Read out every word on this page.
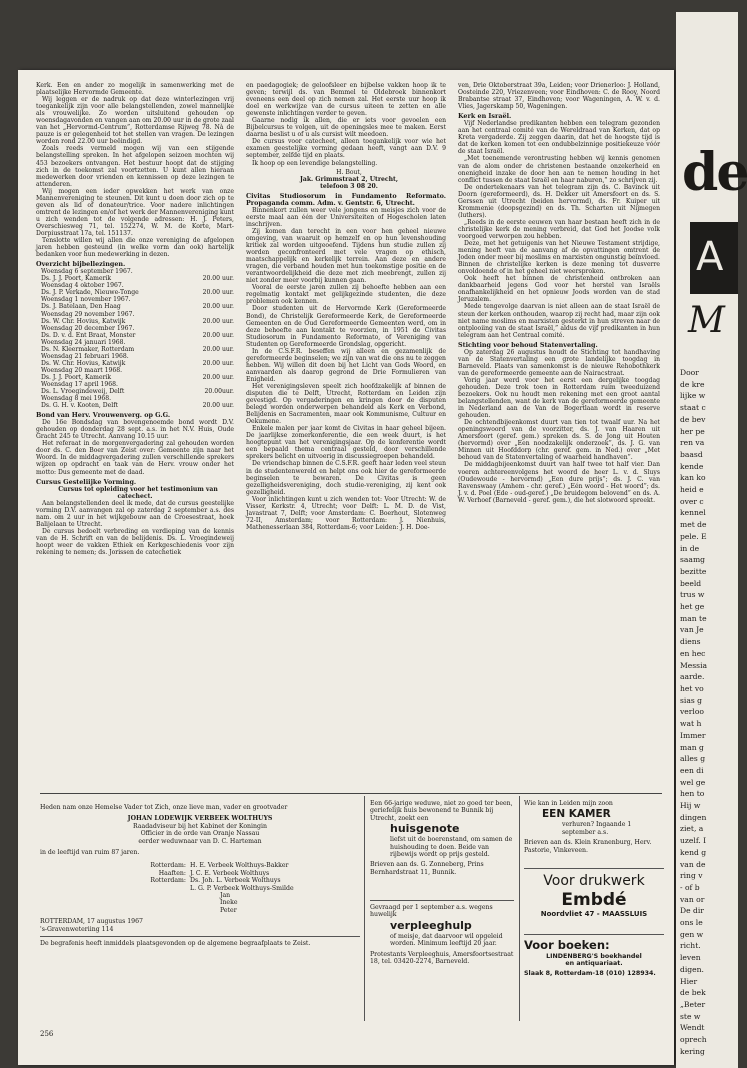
Kerk. Een en ander zo mogelijk in samenwerking met de plaatselijke Hervormde Gemeente.

Wij leggen er de nadruk op dat deze winterlezingen vrij toegankelijk zijn voor alle belangstellenden, zowel mannelijke als vrouwelijke. Zo worden uitsluitend gehouden op woensdagavonden en vangen aan om 20.00 uur in de grote zaal van het „Hervormd-Centrum”, Rotterdamse Rijweg 78. Nà de pauze is er gelegenheid tot het stellen van vragen. De lezingen worden rond 22.00 uur beëindigd.

Zoals reeds vermeld mogen wij van een stijgende belangstelling spreken. In het afgelopen seizoen mochten wij 453 bezoekers ontvangen. Het bestuur hoopt dat de stijging zich in de toekomst zal voortzetten. U kunt allen hieraan medewerken door vrienden en kennissen op deze lezingen te attenderen.

Wij mogen een ieder opwekken het werk van onze Mannenvereniging te steunen. Dit kunt u doen door zich op te geven als lid of donateur/trice. Voor nadere inlichtingen omtrent de lezingen en/of het werk der Mannenvereniging kunt u zich wenden tot de volgende adressen: H. J. Peters, Overschiesweg 71, tel. 152274, W. M. de Korte, Mart-Dorpiusstraat 17a, tel. 151137.

Tenslotte willen wij allen die onze vereniging de afgelopen jaren hebben gesteund (in welke vorm dan ook) hartelijk bedanken voor hun medewerking in dezen.

Overzicht bijbellezingen.
Woensdag 6 september 1967.
Ds. J. J. Poort, Kamerik	20.00 uur.
Woensdag 4 oktober 1967.
Ds. J. P. Verkade, Nieuwe-Tonge	20.00 uur.
Woensdag 1 november 1967.
Ds. J. Batelaan, Den Haag	20.00 uur.
Woensdag 29 november 1967.
Ds. W. Chr. Hovius, Katwijk	20.00 uur.
Woensdag 20 december 1967.
Ds. D. v. d. Ent Braat, Monster	20.00 uur.
Woensdag 24 januari 1968.
Ds. N. Kleermaker, Rotterdam	20.00 uur.
Woensdag 21 februari 1968.
Ds. W. Chr. Hovius, Katwijk	20.00 uur.
Woensdag 20 maart 1968.
Ds. J. J. Poort, Kamerik	20.00 uur.
Woensdag 17 april 1968.
Ds. L. Vroegindeweij, Delft	20.00uur.
Woensdag 8 mei 1968.
Ds. G. H. v. Kooten, Delft	20.00 uur.
Bond van Herv. Vrouwenverg. op G.G.

De 16e Bondsdag van bovengenoemde bond wordt D.V. gehouden op donderdag 28 sept. a.s. in het N.V. Huis, Oude Gracht 245 te Utrecht. Aanvang 10.15 uur.

Het referaat in de morgenvergadering zal gehouden worden door ds. C. den Boer van Zeist over: Gemeente zijn naar het Woord. In de middagvergadering zullen verschillende sprekers wijzen op opdracht en taak van de Herv. vrouw onder het motto: Dus gemeente met de daad.

Cursus Gesteliijke Vorming.

Cursus tot opleiding voor het testimonium van catechect.

Aan belangstellenden deel ik mede, dat de cursus geestelijke vorming D.V. aanvangen zal op zaterdag 2 september a.s. des nam. om 2 uur in het wijkgebouw aan de Croesestraat, hoek Balijelaan te Utrecht.

De cursus bedoelt verbreding en verdieping van de kennis van de H. Schrift en van de belijdenis. Ds. L. Vroegindeweij hoopt weer de vakken Ethiek en Kerkgeschiedenis voor zijn rekening te nemen; ds. Jorissen de catechetiek

en paedagogiek; de geloofsleer en bijbelse vakken hoop ik te geven; terwijl ds. van Bemmel te Oldebroek binnenkort eveneens een deel op zich nemen zal. Het eerste uur hoop ik doel en werkwijze van de cursus uiteen te zetten en alle gewenste inlichtingen verder te geven.

Gaarne nodig ik allen, die er iets voor gevoelen een Bijbelcursus te volgen, uit de openingsles mee te maken. Eerst daarna beslist u of u als cursist wilt meedoen.

De cursus voor catecheet, alleen toegankelijk voor wie het examen geestelijke vorming gedaan heeft, vangt aan D.V. 9 september, zelfde tijd en plaats.

Ik hoop op een levendige belangstelling.

H. Bout,

Jak. Grimmstraat 2, Utrecht,

telefoon 3 08 20.

Civitas Studiosorum in Fundamento Reformato. Propaganda comm. Adm. v. Gentstr. 6, Utrecht.

Binnenkort zullen weer vele jongens en meisjes zich voor de eerste maal aan één der Universiteiten of Hogescholen laten inschrijven.

Zij komen dan terecht in een voor hen geheel nieuwe omgeving, van waaruit op hemzelf en op hun levenshouding kritiek zal worden uitgeoefend. Tijdens hun studie zullen zij worden geconfronteerd met vele vragen op ethisch, maatschappelijk en kerkelijk terrein. Aan deze en andere vragen, die verband houden met hun toekomstige positie en de verantwoordelijkheid die deze met zich meebrengt, zullen zij niet zonder meer voorbij kunnen gaan.

Vooral de eerste jaren zullen zij behoefte hebben aan een regelmatig kontakt met gelijkgezinde studenten, die deze problemen ook kennen.

Door studenten uit de Hervormde Kerk (Gereformeerde Bond), de Christelijk Gereformeerde Kerk, de Gereformeerde Gemeenten en de Oud Gereformeerde Gemeenten werd, om in deze behoefte aan kontakt te voorzien, in 1951 de Civitas Studiosorum in Fundamento Reformato, of Vereniging van Studenten op Gereformeerde Grondslag, opgericht.

In de C.S.F.R. beseffen wij alleen en gezamenlijk de gereformeerde beginselen; we zijn van wat die ons nu te zeggen hebben. Wij willen dit doen bij het Licht van Gods Woord, en aanvaarden als daarop gegrond de Drie Formulieren van Enigheid.

Het verenigingsleven speelt zich hoofdzakelijk af binnen de disputen die te Delft, Utrecht, Rotterdam en Leiden zijn gevestigd. Op vergaderingen en kringen door de disputen belegd worden onderwerpen behandeld als Kerk en Verbond, Belijdenis en Sacramenten, maar ook Kommunisme, Cultuur en Oekumene.

Enkele malen per jaar komt de Civitas in haar geheel bijeen. De jaarlijkse zomerkonferentie, die een week duurt, is het hoogtepunt van het verenigingsjaar. Op de konferentie wordt een bepaald thema centraal gesteld, door verschillende sprekers belicht en uitvoerig in discussiegroepen behandeld.

De vriendschap binnen de C.S.F.R. geeft haar leden veel steun in de studentenwereld en helpt ons ook hier de gereformeerde beginselen te bewaren. De Civitas is geen gezelligheidsvereniging, doch studie-vereniging, zij kent ook gezelligheid.

Voor inlichtingen kunt u zich wenden tot: Voor Utrecht: W. de Visser, Kerkstr. 4, Utrecht; voor Delft: L. M. D. de Vist, Javastraat 7, Delft; voor Amsterdam: C. Boerhout, Slotenweg 72-II, Amsterdam; voor Rotterdam: J. Nienhuis, Mathenesserlaan 384, Rotterdam-6; voor Leiden: J. H. Doe-

ven, Drie Oktoberstraat 39a, Leiden; voor Drienerloo: J. Holland, Oosteinde 220, Vriezenveen; voor Eindhoven: C. de Rooy, Noord Brabantse straat 37, Eindhoven; voor Wageningen, A. W. v. d. Vlies, Jagerskamp 50, Wageningen.

Kerk en Israël.

Vijf Nederlandse predikanten hebben een telegram gezonden aan het centraal comité van de Wereldraad van Kerken, dat op Kreta vergaderde. Zij zeggen daarin, dat het de hoogste tijd is dat de kerken komen tot een ondubbelzinnige positiekeuze vóór de staat Israël.

„Met toenemende verontrusting hebben wij kennis genomen van de alom onder de christenen bestaande onzekerheid en onenigheid inzake de door hen aan te nemen houding in het conflict tussen de staat Israël en haar naburen,” zo schrijven zij.

De ondertekenaars van het telegram zijn ds. C. Bavinck uit Doorn (gereformeerd), ds. H. Dekker uit Amersfoort en ds. S. Gerssen uit Utrecht (beiden hervormd), ds. Fr. Kuiper uit Krommenie (doopsgezind) en ds. Th. Scharten uit Nijmegen (luthers).

„Reeds in de eerste eeuwen van haar bestaan heeft zich in de christelijke kerk de mening verbreid, dat God het Joodse volk voorgoed verworpen zou hebben.

Deze, met het getuigenis van het Nieuwe Testament strijdige, mening heeft van de aanvang af de opvattingen omtrent de Joden onder meer bij moslims en marxisten ongunstig beïnvloed. Binnen de christelijke kerken is deze mening tot dusverre onvoldoende of in het geheel niet weersproken.

Ook heeft het binnen de christenheid ontbroken aan dankbaarheid jegens God voor het herstel van Israëls onafhankelijkheid en het opnieuw Joods worden van de stad Jeruzalem.

Mede tengevolge daarvan is niet alleen aan de staat Israël de steun der kerken onthouden, waarop zij recht had, maar zijn ook niet name moslims en marxisten gesterkt in hun streven naar de ontplooiing van de staat Israël,” aldus de vijf predikanten in hun telegram aan het Centraal comité.

Stichting voor behoud Statenvertaling.

Op zaterdag 26 augustus houdt de Stichting tot handhaving van de Statenvertaling een grote landelijke toogdag in Barneveld. Plaats van samenkomst is de nieuwe Rehobothkerk van de gereformeerde gemeente aan de Nairacstraat.

Vorig jaar werd voor het eerst een dergelijke toogdag gehouden. Deze trok toen in Rotterdam ruim tweeduizend bezoekers. Ook nu houdt men rekening met een groot aantal belangstellenden, want de kerk van de gereformeerde gemeente in Nederland aan de Van de Bogertlaan wordt in reserve gehouden.

De ochtendbijeenkomst duurt van tien tot twaalf uur. Na het openingswoord van de voorzitter, ds. J. van Haaren uit Amersfoort (geref. gem.) spreken ds. S. de Jong uit Houten (hervormd) over „Een noodzakelijk onderzoek”, ds. J. G. van Minnen uit Hoofddorp (chr. geref. gem. in Ned.) over „Met behoud van de Statenvertaling of waarheid handhaven”.

De middagbijeenkomst duurt van half twee tot half vier. Dan voeren achtereenvolgens het woord de heer L. v. d. Sluys (Oudewoude - hervormd) „Een dure prijs”; ds. J. C. van Ravenswaay (Amhem - chr. geref.) „Eén woord - Het woord”; ds. J. v. d. Poel (Ede - oud-geref.) „De bruidegom belovend” en ds. A. W. Verhoef (Barneveld - geref. gem.), die het slotwoord spreekt.

Heden nam onze Hemelse Vader tot Zich, onze lieve man, vader en grootvader

JOHAN LODEWIJK VERBEEK WOLTHUYS

Raadadviseur bij het Kabinet der Koningin

Officier in de orde van Oranje Nassau

eerder weduwnaar van D. C. Harteman

in de leeftijd van ruim 87 jaren.

Rotterdam: H. E. Verbeek Wolthuys-Bakker

Haaften: J. C. E. Verbeek Wolthuys

Rotterdam: Ds. Joh. L. Verbeek Wolthuys

L. G. P. Verbeek Wolthuys-Smilde

Jan

Ineke

Peter

ROTTERDAM, 17 augustus 1967

's-Gravenweteriing 114

De begrafenis heeft inmiddels plaatsgevonden op de algemene begraafplaats te Zeist.

Een 66-jarige weduwe, niet zo goed ter been, geriefelijk huis bewonend te Bunnik bij Utrecht, zoekt een

huisgenote

liefst uit de boerenstand, om samen de huishouding te doen. Beide van rijbewijs wordt op prijs gesteld.

Brieven aan ds. G. Zonneberg, Prins Bernhardstraat 11, Bunnik.

Gevraagd per 1 september a.s. wegens huwelijk

verpleeghulp

of meisje, dat daarvoor wil opgeleid worden. Minimum leeftijd 20 jaar.

Protestants Verpleeghuis, Amersfoortsestraat 18, tel. 03420-2274, Barneveld.

Wie kan in Leiden mijn zoon

EEN KAMER

verhuren? Ingaande 1 september a.s.

Brieven aan ds. Klein Kranenburg, Herv. Pastorie, Vinkeveen.

Voor drukwerk

Embdé

Noordvliet 47 - MAASSLUIS

Voor boeken:

LINDENBERG'S boekhandel

en antiquariaat.

Slaak 8, Rotterdam-18 (010) 128934.

256
de
A
M
Door
de kre
lijke w
staat c
de bev
her pe
ren va
baasd
kende
kan ko
heid e
over c
kennel
met de
pele. E
in de
saamg
bezitte
beeld
trus w
het ge
man te
van Je
diens
en hec
Messia
aarde.
het vo
sias g
verloo
wat h
Immer
man g
alles g
een di
wel ge
hen to
Hij w
dingen
ziet, a
uzelf. I
kend g
van de
ring v
- of b
van or
De dir
ons le
gen w
richt.
leven
digen.
Hier
de bek
„Beter
ste w
Wendt
oprech
kering
